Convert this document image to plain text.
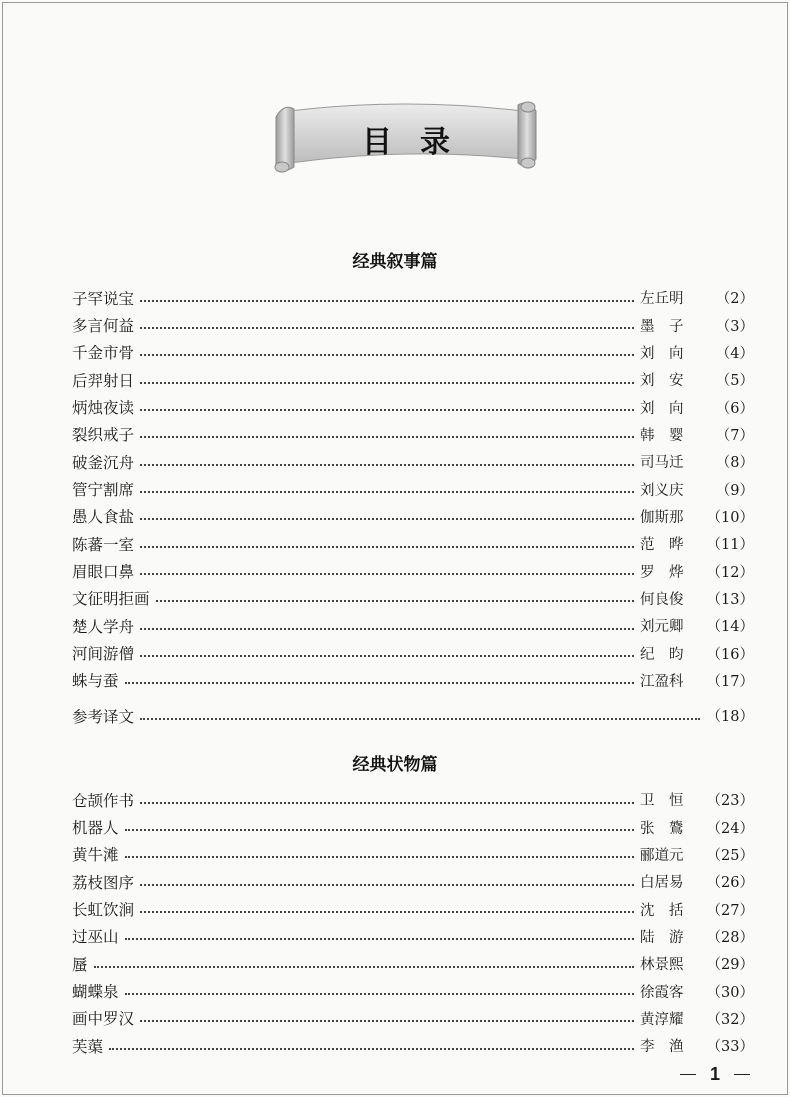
目录
经典叙事篇
子罕说宝	左丘明	（2）
多言何益	墨　子	（3）
千金市骨	刘　向	（4）
后羿射日	刘　安	（5）
炳烛夜读	刘　向	（6）
裂织戒子	韩　婴	（7）
破釜沉舟	司马迁	（8）
管宁割席	刘义庆	（9）
愚人食盐	伽斯那	（10）
陈蕃一室	范　晔	（11）
眉眼口鼻	罗　烨	（12）
文征明拒画	何良俊	（13）
楚人学舟	刘元卿	（14）
河间游僧	纪　昀	（16）
蛛与蚕	江盈科	（17）
参考译文	（18）
经典状物篇
仓颉作书	卫　恒	（23）
机器人	张　鷟	（24）
黄牛滩	郦道元	（25）
荔枝图序	白居易	（26）
长虹饮涧	沈　括	（27）
过巫山	陆　游	（28）
蜃	林景熙	（29）
蝴蝶泉	徐霞客	（30）
画中罗汉	黄淳耀	（32）
芙蕖	李　渔	（33）
1
